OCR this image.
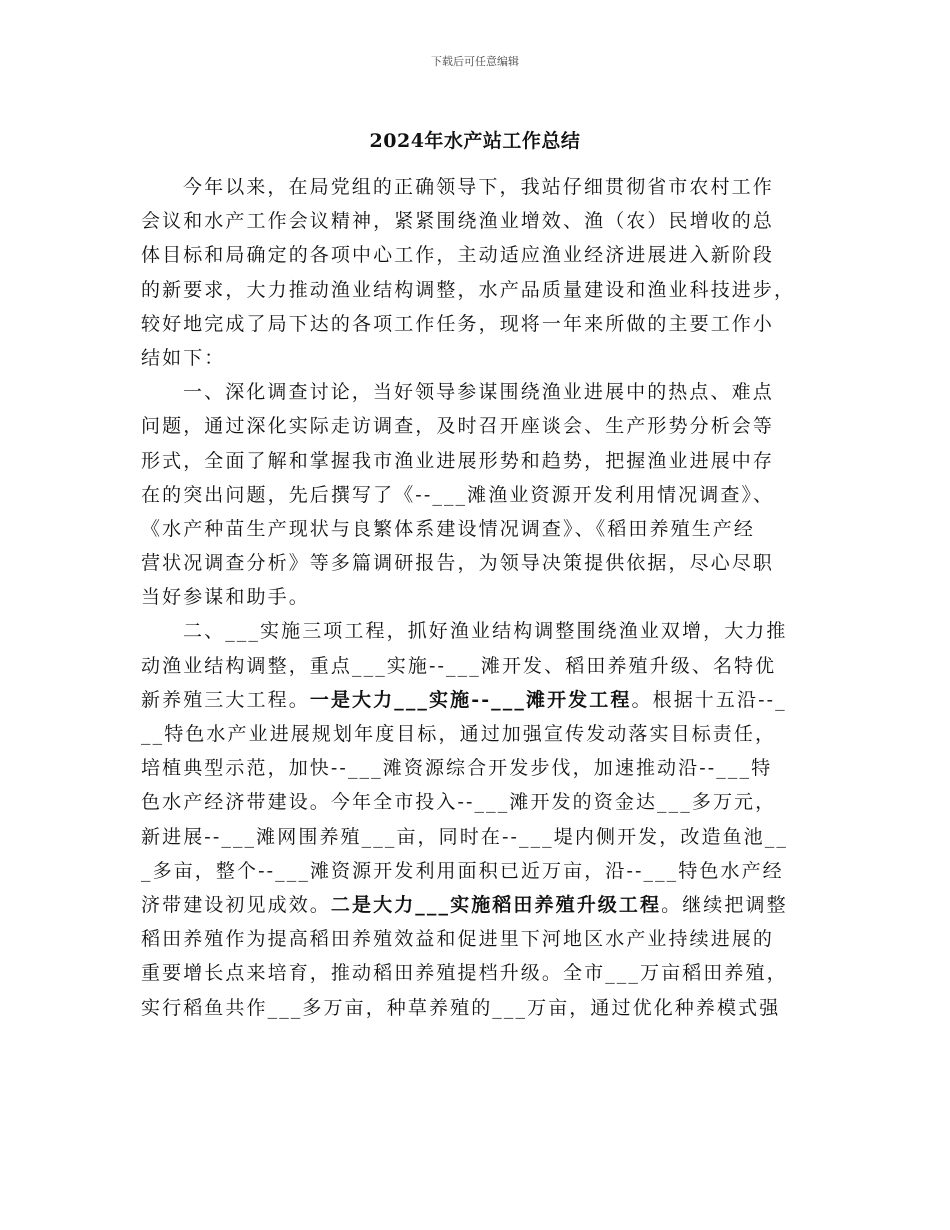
下载后可任意编辑
2024年水产站工作总结
今年以来，在局党组的正确领导下，我站仔细贯彻省市农村工作
会议和水产工作会议精神，紧紧围绕渔业增效、渔（农）民增收的总
体目标和局确定的各项中心工作，主动适应渔业经济进展进入新阶段
的新要求，大力推动渔业结构调整，水产品质量建设和渔业科技进步，
较好地完成了局下达的各项工作任务，现将一年来所做的主要工作小
结如下：
一、深化调查讨论，当好领导参谋围绕渔业进展中的热点、难点
问题，通过深化实际走访调查，及时召开座谈会、生产形势分析会等
形式，全面了解和掌握我市渔业进展形势和趋势，把握渔业进展中存
在的突出问题，先后撰写了《--___滩渔业资源开发利用情况调查》、
《水产种苗生产现状与良繁体系建设情况调查》、《稻田养殖生产经
营状况调查分析》等多篇调研报告，为领导决策提供依据，尽心尽职
当好参谋和助手。
二、___实施三项工程，抓好渔业结构调整围绕渔业双增，大力推
动渔业结构调整，重点___实施--___滩开发、稻田养殖升级、名特优
新养殖三大工程。一是大力___实施--___滩开发工程。根据十五沿--_
__特色水产业进展规划年度目标，通过加强宣传发动落实目标责任，
培植典型示范，加快--___滩资源综合开发步伐，加速推动沿--___特
色水产经济带建设。今年全市投入--___滩开发的资金达___多万元，
新进展--___滩网围养殖___亩，同时在--___堤内侧开发，改造鱼池__
_多亩，整个--___滩资源开发利用面积已近万亩，沿--___特色水产经
济带建设初见成效。二是大力___实施稻田养殖升级工程。继续把调整
稻田养殖作为提高稻田养殖效益和促进里下河地区水产业持续进展的
重要增长点来培育，推动稻田养殖提档升级。全市___万亩稻田养殖，
实行稻鱼共作___多万亩，种草养殖的___万亩，通过优化种养模式强
